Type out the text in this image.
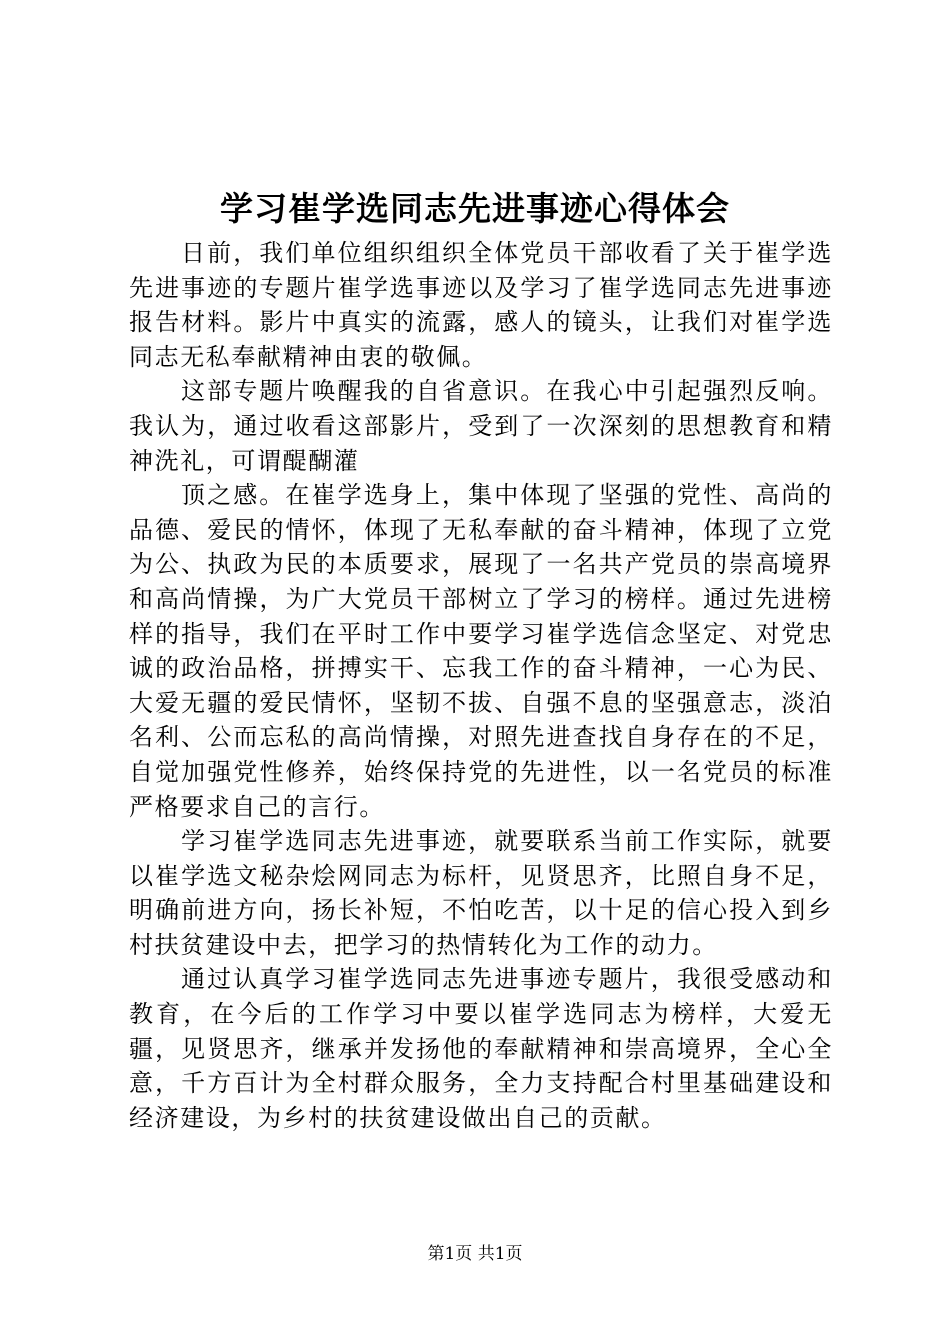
学习崔学选同志先进事迹心得体会

日前，我们单位组织组织全体党员干部收看了关于崔学选先进事迹的专题片崔学选事迹以及学习了崔学选同志先进事迹报告材料。影片中真实的流露，感人的镜头，让我们对崔学选同志无私奉献精神由衷的敬佩。

这部专题片唤醒我的自省意识。在我心中引起强烈反响。我认为，通过收看这部影片，受到了一次深刻的思想教育和精神洗礼，可谓醍醐灌

顶之感。在崔学选身上，集中体现了坚强的党性、高尚的品德、爱民的情怀，体现了无私奉献的奋斗精神，体现了立党为公、执政为民的本质要求，展现了一名共产党员的崇高境界和高尚情操，为广大党员干部树立了学习的榜样。通过先进榜样的指导，我们在平时工作中要学习崔学选信念坚定、对党忠诚的政治品格，拼搏实干、忘我工作的奋斗精神，一心为民、大爱无疆的爱民情怀，坚韧不拔、自强不息的坚强意志，淡泊名利、公而忘私的高尚情操，对照先进查找自身存在的不足，自觉加强党性修养，始终保持党的先进性，以一名党员的标准严格要求自己的言行。

学习崔学选同志先进事迹，就要联系当前工作实际，就要以崔学选文秘杂烩网同志为标杆，见贤思齐，比照自身不足，明确前进方向，扬长补短，不怕吃苦，以十足的信心投入到乡村扶贫建设中去，把学习的热情转化为工作的动力。

通过认真学习崔学选同志先进事迹专题片，我很受感动和教育，在今后的工作学习中要以崔学选同志为榜样，大爱无疆，见贤思齐，继承并发扬他的奉献精神和崇高境界，全心全意，千方百计为全村群众服务，全力支持配合村里基础建设和经济建设，为乡村的扶贫建设做出自己的贡献。

第1页 共1页
